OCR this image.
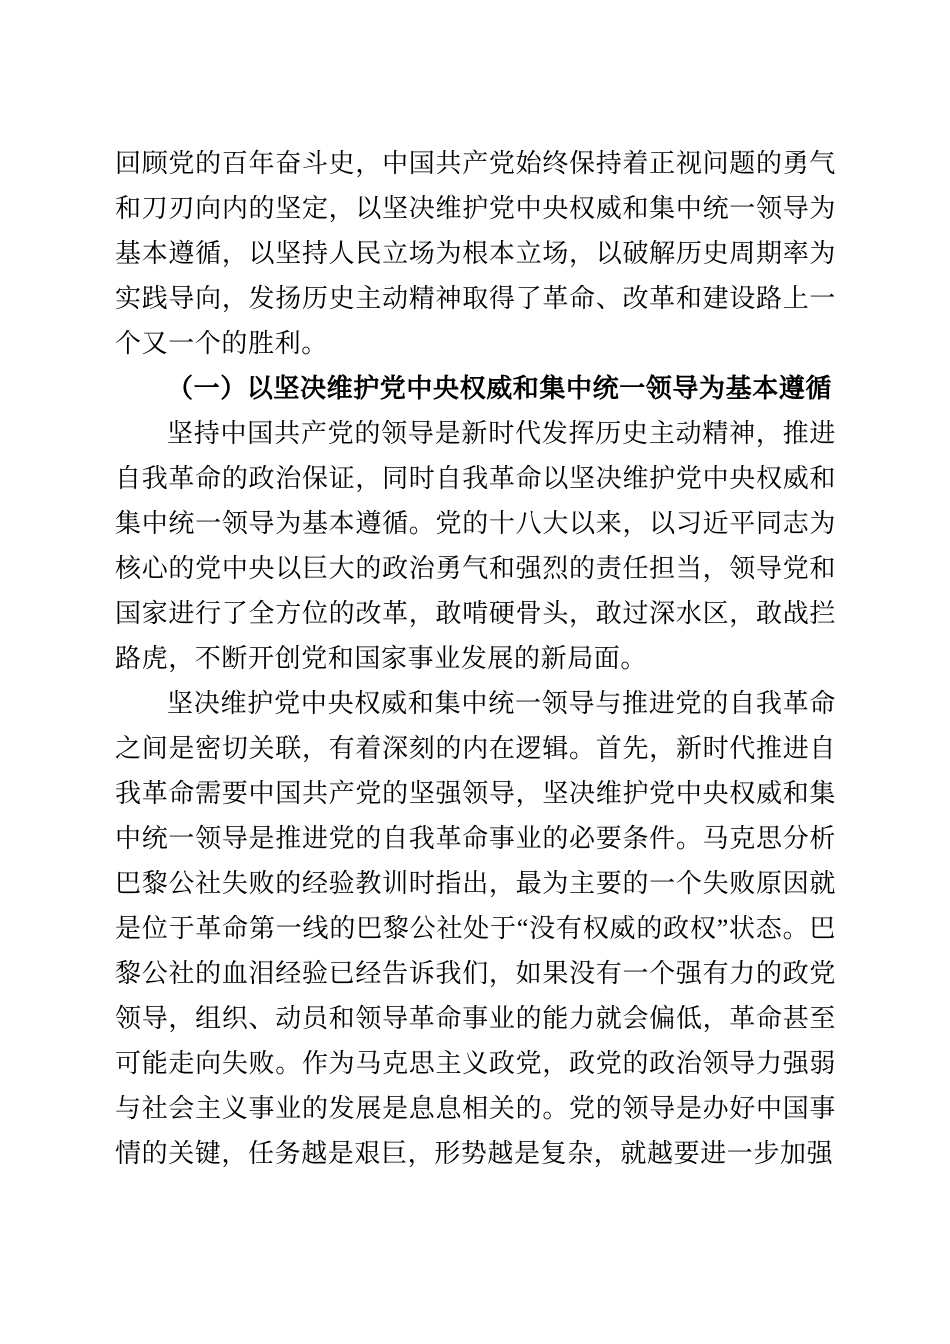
回顾党的百年奋斗史，中国共产党始终保持着正视问题的勇气和刀刃向内的坚定，以坚决维护党中央权威和集中统一领导为基本遵循，以坚持人民立场为根本立场，以破解历史周期率为实践导向，发扬历史主动精神取得了革命、改革和建设路上一个又一个的胜利。

（一）以坚决维护党中央权威和集中统一领导为基本遵循

坚持中国共产党的领导是新时代发挥历史主动精神，推进自我革命的政治保证，同时自我革命以坚决维护党中央权威和集中统一领导为基本遵循。党的十八大以来，以习近平同志为核心的党中央以巨大的政治勇气和强烈的责任担当，领导党和国家进行了全方位的改革，敢啃硬骨头，敢过深水区，敢战拦路虎，不断开创党和国家事业发展的新局面。

坚决维护党中央权威和集中统一领导与推进党的自我革命之间是密切关联，有着深刻的内在逻辑。首先，新时代推进自我革命需要中国共产党的坚强领导，坚决维护党中央权威和集中统一领导是推进党的自我革命事业的必要条件。马克思分析巴黎公社失败的经验教训时指出，最为主要的一个失败原因就是位于革命第一线的巴黎公社处于“没有权威的政权”状态。巴黎公社的血泪经验已经告诉我们，如果没有一个强有力的政党领导，组织、动员和领导革命事业的能力就会偏低，革命甚至可能走向失败。作为马克思主义政党，政党的政治领导力强弱与社会主义事业的发展是息息相关的。党的领导是办好中国事情的关键，任务越是艰巨，形势越是复杂，就越要进一步加强
